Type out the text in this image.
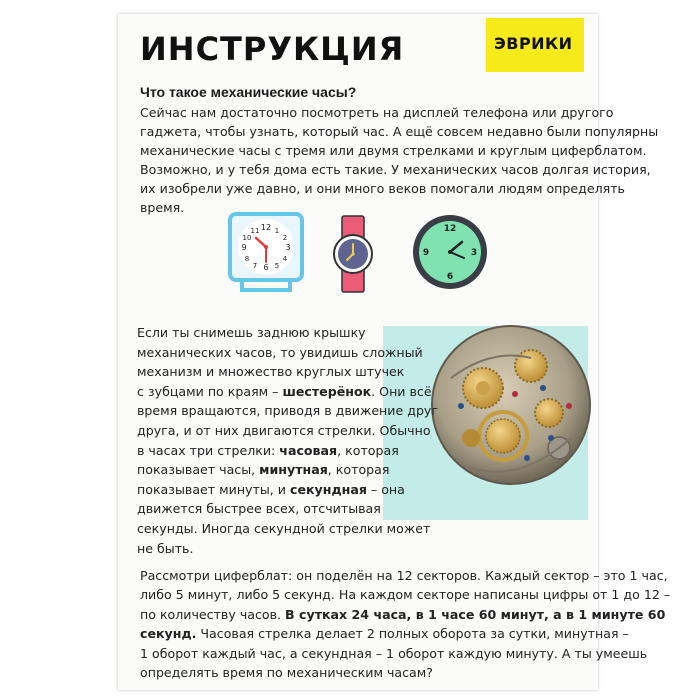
ИНСТРУКЦИЯ	ЭВРИКИ
Что такое механические часы?
Сейчас нам достаточно посмотреть на дисплей телефона или другого
гаджета, чтобы узнать, который час. А ещё совсем недавно были популярны
механические часы с тремя или двумя стрелками и круглым циферблатом.
Возможно, и у тебя дома есть такие. У механических часов долгая история,
их изобрели уже давно, и они много веков помогали людям определять
время.
12
3
6
9
1
2
4
5
7
8
10
11	12
3
6
9
Если ты снимешь заднюю крышку
механических часов, то увидишь сложный
механизм и множество круглых штучек
с зубцами по краям – шестерёнок. Они всё
время вращаются, приводя в движение друг
друга, и от них двигаются стрелки. Обычно
в часах три стрелки: часовая, которая
показывает часы, минутная, которая
показывает минуты, и секундная – она
движется быстрее всех, отсчитывая
секунды. Иногда секундной стрелки может
не быть.
Рассмотри циферблат: он поделён на 12 секторов. Каждый сектор – это 1 час,
либо 5 минут, либо 5 секунд. На каждом секторе написаны цифры от 1 до 12 –
по количеству часов. В сутках 24 часа, в 1 часе 60 минут, а в 1 минуте 60
секунд. Часовая стрелка делает 2 полных оборота за сутки, минутная –
1 оборот каждый час, а секундная – 1 оборот каждую минуту. А ты умеешь
определять время по механическим часам?
